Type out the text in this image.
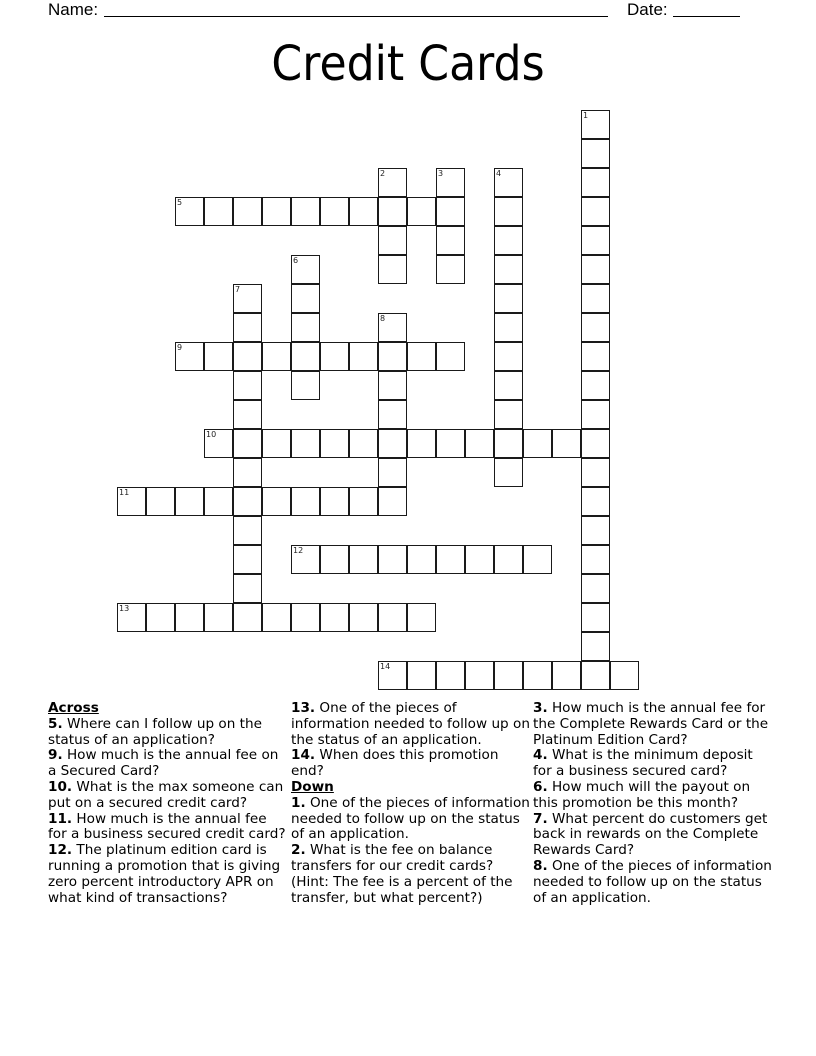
Name:	Date:
Credit Cards
1
2	3	4
5
6
7
8
9
10
11
12
13
14
Across
5. Where can I follow up on the status of an application?
9. How much is the annual fee on a Secured Card?
10. What is the max someone can put on a secured credit card?
11. How much is the annual fee for a business secured credit card?
12. The platinum edition card is running a promotion that is giving zero percent introductory APR on what kind of transactions?
13. One of the pieces of information needed to follow up on the status of an application.
14. When does this promotion end?
Down
1. One of the pieces of information needed to follow up on the status of an application.
2. What is the fee on balance transfers for our credit cards? (Hint: The fee is a percent of the transfer, but what percent?)
3. How much is the annual fee for the Complete Rewards Card or the Platinum Edition Card?
4. What is the minimum deposit for a business secured card?
6. How much will the payout on this promotion be this month?
7. What percent do customers get back in rewards on the Complete Rewards Card?
8. One of the pieces of information needed to follow up on the status of an application.
